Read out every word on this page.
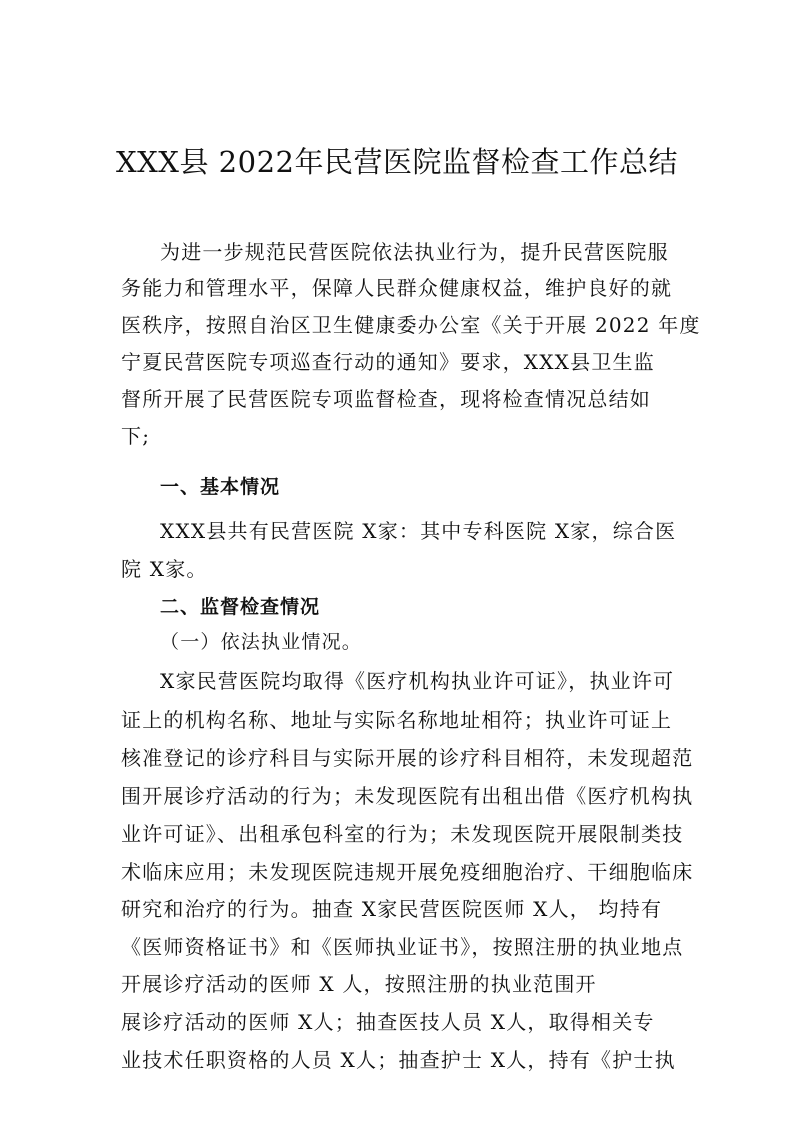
XXX县 2022年民营医院监督检查工作总结
为进一步规范民营医院依法执业行为，提升民营医院服
务能力和管理水平，保障人民群众健康权益，维护良好的就
医秩序，按照自治区卫生健康委办公室《关于开展 2022 年度
宁夏民营医院专项巡查行动的通知》要求，XXX县卫生监
督所开展了民营医院专项监督检查，现将检查情况总结如
下;
一、基本情况
XXX县共有民营医院 X家：其中专科医院 X家，综合医
院 X家。
二、监督检查情况
（一）依法执业情况。
X家民营医院均取得《医疗机构执业许可证》，执业许可
证上的机构名称、地址与实际名称地址相符；执业许可证上
核准登记的诊疗科目与实际开展的诊疗科目相符，未发现超范
围开展诊疗活动的行为；未发现医院有出租出借《医疗机构执
业许可证》、出租承包科室的行为；未发现医院开展限制类技
术临床应用；未发现医院违规开展免疫细胞治疗、干细胞临床
研究和治疗的行为。抽查 X家民营医院医师 X人， 均持有
《医师资格证书》和《医师执业证书》，按照注册的执业地点
开展诊疗活动的医师 X 人，按照注册的执业范围开
展诊疗活动的医师 X人；抽查医技人员 X人，取得相关专
业技术任职资格的人员 X人；抽查护士 X人，持有《护士执
